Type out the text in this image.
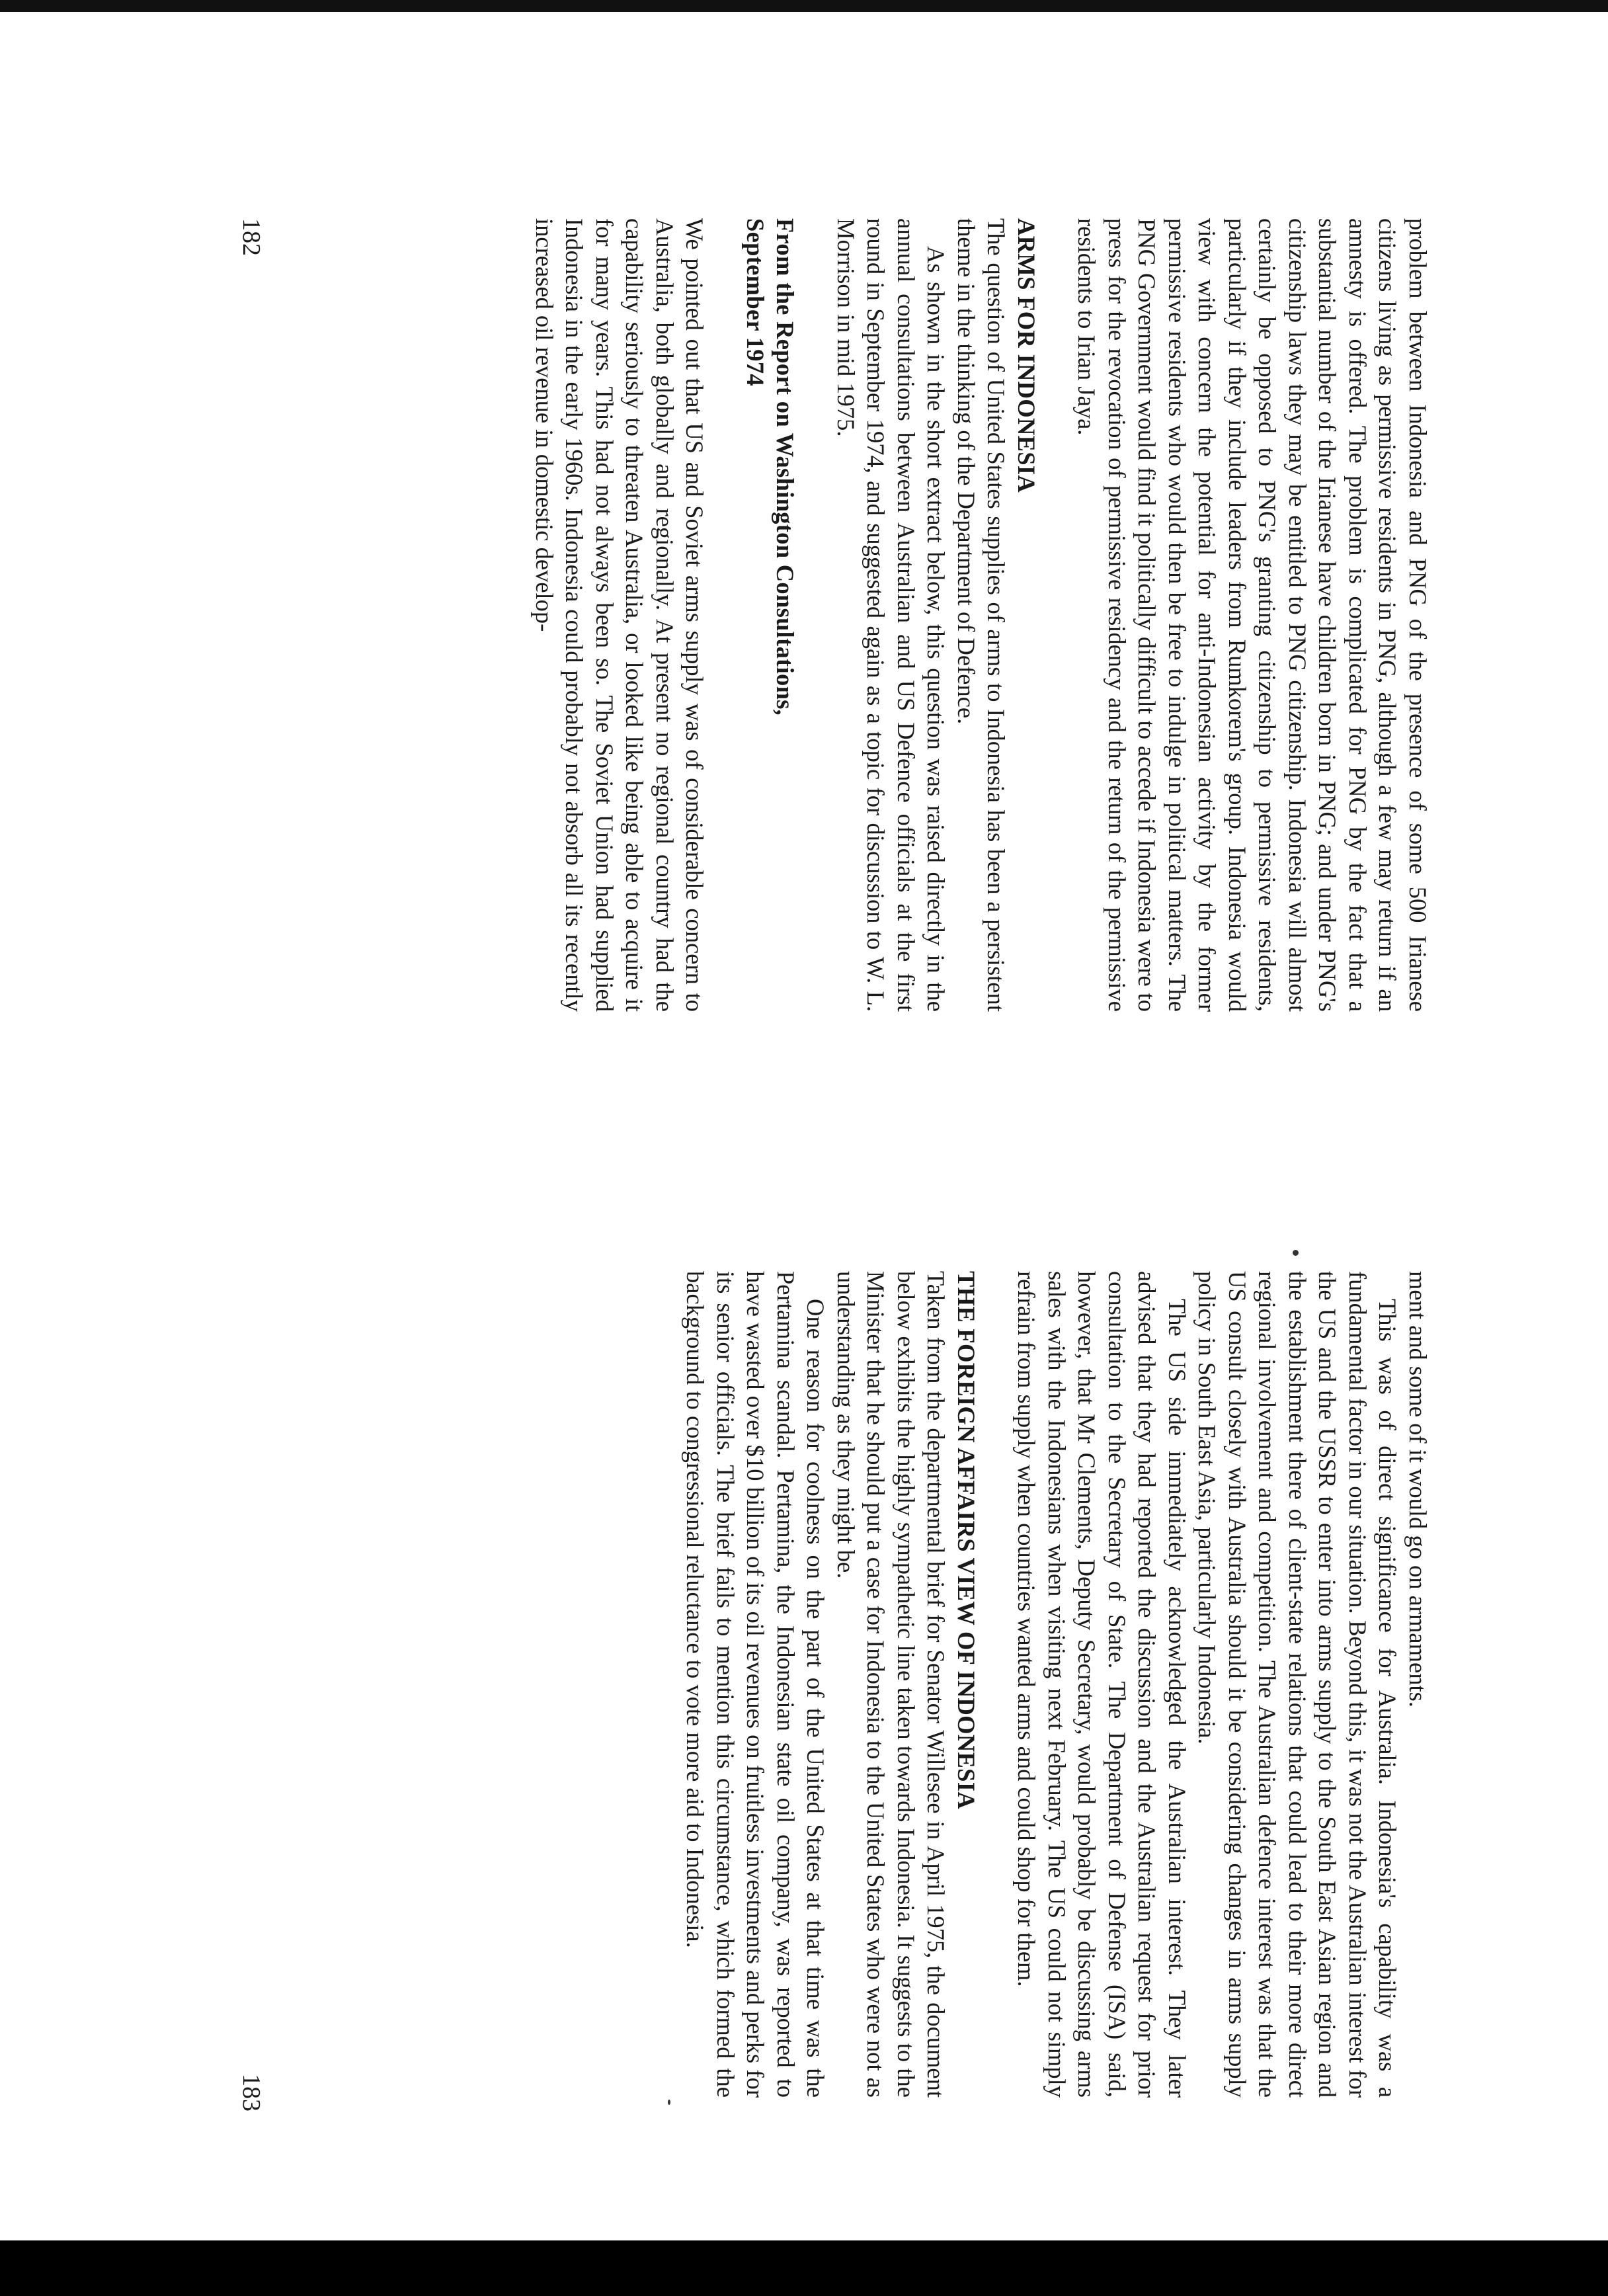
problem between Indonesia and PNG of the presence of some 500 Irianese citizens living as permissive residents in PNG, although a few may return if an amnesty is offered. The problem is complicated for PNG by the fact that a substantial number of the Irianese have children born in PNG; and under PNG's citizenship laws they may be entitled to PNG citizenship. Indonesia will almost certainly be opposed to PNG's granting citizenship to permissive residents, particularly if they include leaders from Rumkorem's group. Indonesia would view with concern the potential for anti-Indonesian activity by the former permissive residents who would then be free to indulge in political matters. The PNG Government would find it politically difficult to accede if Indonesia were to press for the revocation of permissive residency and the return of the permissive residents to Irian Jaya.

ARMS FOR INDONESIA

The question of United States supplies of arms to Indonesia has been a persistent theme in the thinking of the Department of Defence.

As shown in the short extract below, this question was raised directly in the annual consultations between Australian and US Defence officials at the first round in September 1974, and suggested again as a topic for discussion to W. L. Morrison in mid 1975.

From the Report on Washington Consultations,
September 1974

We pointed out that US and Soviet arms supply was of considerable concern to Australia, both globally and regionally. At present no regional country had the capability seriously to threaten Australia, or looked like being able to acquire it for many years. This had not always been so. The Soviet Union had supplied Indonesia in the early 1960s. Indonesia could probably not absorb all its recently increased oil revenue in domestic develop-

182

ment and some of it would go on armaments.

This was of direct significance for Australia. Indonesia's capability was a fundamental factor in our situation. Beyond this, it was not the Australian interest for the US and the USSR to enter into arms supply to the South East Asian region and the establishment there of client-state relations that could lead to their more direct regional involvement and competition. The Australian defence interest was that the US consult closely with Australia should it be considering changes in arms supply policy in South East Asia, particularly Indonesia.

The US side immediately acknowledged the Australian interest. They later advised that they had reported the discussion and the Australian request for prior consultation to the Secretary of State. The Department of Defense (ISA) said, however, that Mr Clements, Deputy Secretary, would probably be discussing arms sales with the Indonesians when visiting next February. The US could not simply refrain from supply when countries wanted arms and could shop for them.

THE FOREIGN AFFAIRS VIEW OF INDONESIA

Taken from the departmental brief for Senator Willesee in April 1975, the document below exhibits the highly sympathetic line taken towards Indonesia. It suggests to the Minister that he should put a case for Indonesia to the United States who were not as understanding as they might be.

One reason for coolness on the part of the United States at that time was the Pertamina scandal. Pertamina, the Indonesian state oil company, was reported to have wasted over $10 billion of its oil revenues on fruitless investments and perks for its senior officials. The brief fails to mention this circumstance, which formed the background to congressional reluctance to vote more aid to Indonesia.

183
